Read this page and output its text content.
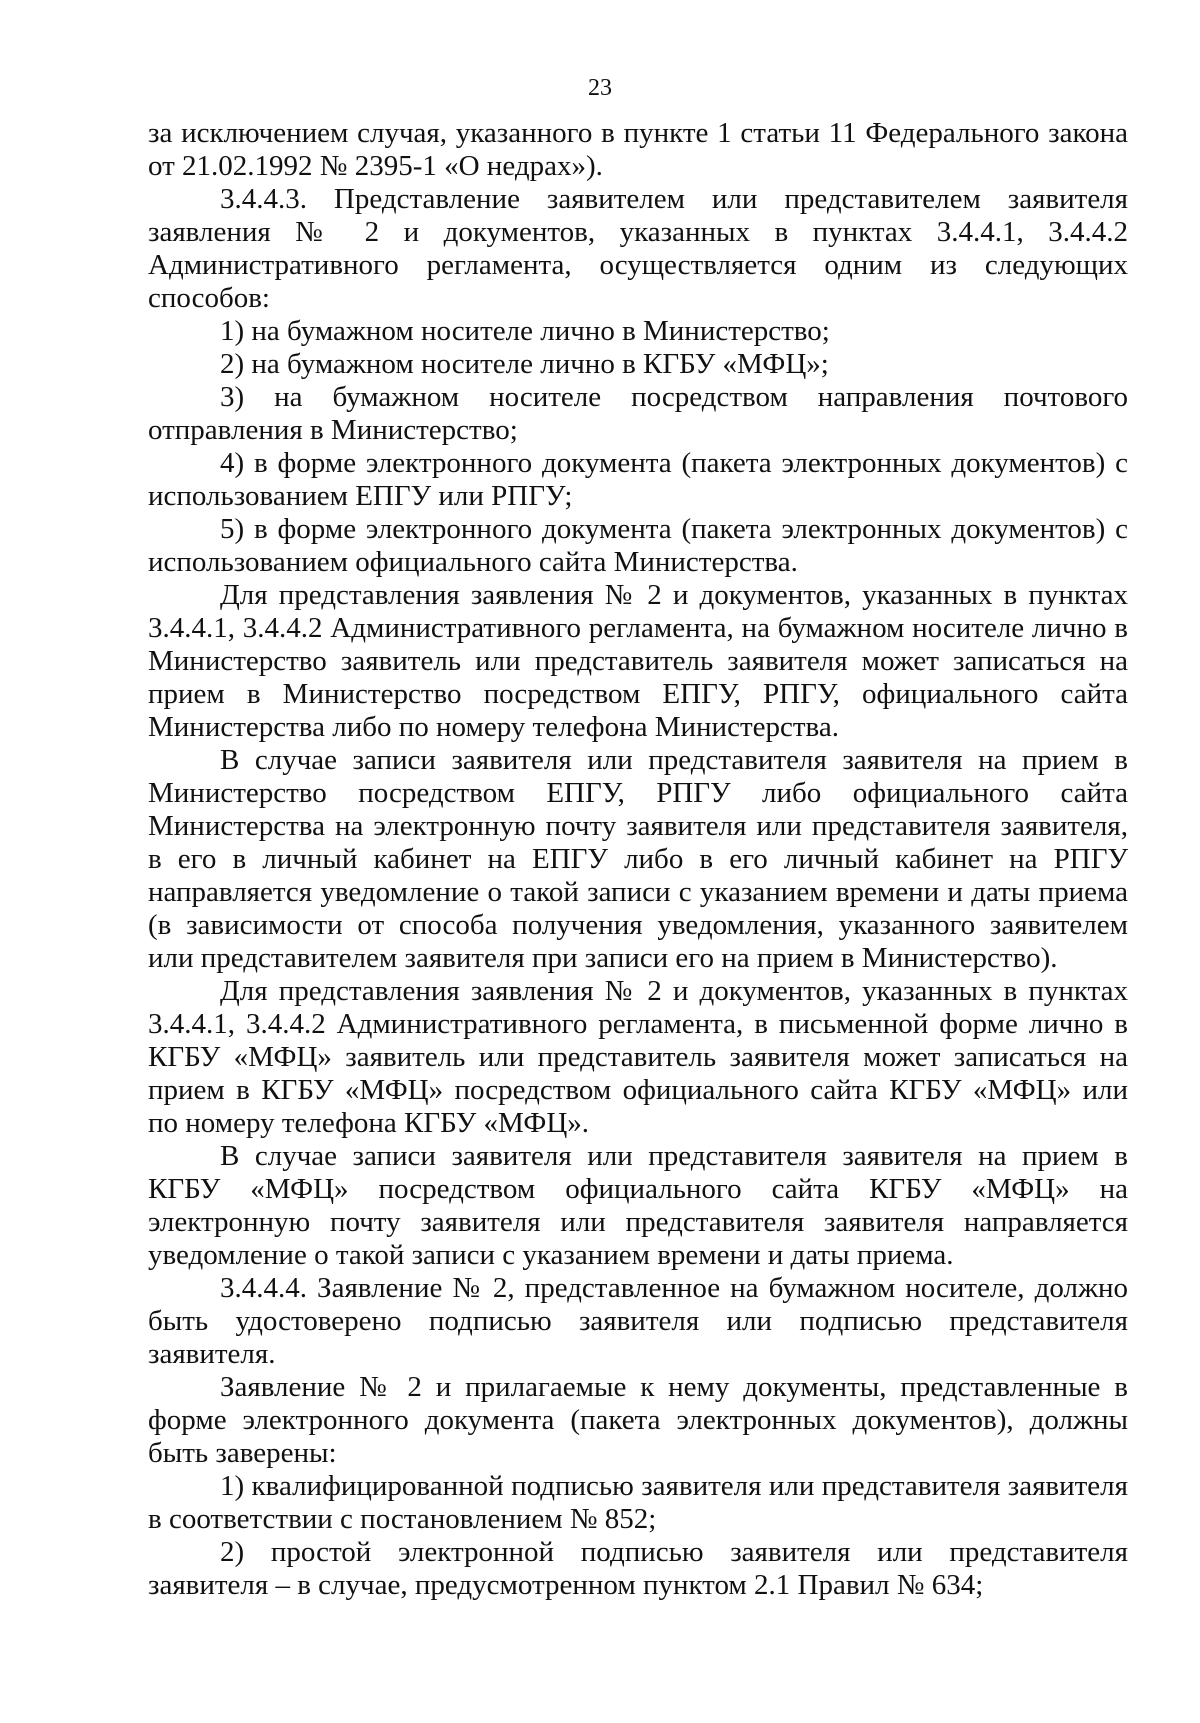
23

за исключением случая, указанного в пункте 1 статьи 11 Федерального закона от 21.02.1992 № 2395-1 «О недрах»).

3.4.4.3. Представление заявителем или представителем заявителя заявления № 2 и документов, указанных в пунктах 3.4.4.1, 3.4.4.2 Административного регламента, осуществляется одним из следующих способов:

1) на бумажном носителе лично в Министерство;

2) на бумажном носителе лично в КГБУ «МФЦ»;

3) на бумажном носителе посредством направления почтового отправления в Министерство;

4) в форме электронного документа (пакета электронных документов) с использованием ЕПГУ или РПГУ;

5) в форме электронного документа (пакета электронных документов) с использованием официального сайта Министерства.

Для представления заявления № 2 и документов, указанных в пунктах 3.4.4.1, 3.4.4.2 Административного регламента, на бумажном носителе лично в Министерство заявитель или представитель заявителя может записаться на прием в Министерство посредством ЕПГУ, РПГУ, официального сайта Министерства либо по номеру телефона Министерства.

В случае записи заявителя или представителя заявителя на прием в Министерство посредством ЕПГУ, РПГУ либо официального сайта Министерства на электронную почту заявителя или представителя заявителя, в его в личный кабинет на ЕПГУ либо в его личный кабинет на РПГУ направляется уведомление о такой записи с указанием времени и даты приема (в зависимости от способа получения уведомления, указанного заявителем или представителем заявителя при записи его на прием в Министерство).

Для представления заявления № 2 и документов, указанных в пунктах 3.4.4.1, 3.4.4.2 Административного регламента, в письменной форме лично в КГБУ «МФЦ» заявитель или представитель заявителя может записаться на прием в КГБУ «МФЦ» посредством официального сайта КГБУ «МФЦ» или по номеру телефона КГБУ «МФЦ».

В случае записи заявителя или представителя заявителя на прием в КГБУ «МФЦ» посредством официального сайта КГБУ «МФЦ» на электронную почту заявителя или представителя заявителя направляется уведомление о такой записи с указанием времени и даты приема.

3.4.4.4. Заявление № 2, представленное на бумажном носителе, должно быть удостоверено подписью заявителя или подписью представителя заявителя.

Заявление № 2 и прилагаемые к нему документы, представленные в форме электронного документа (пакета электронных документов), должны быть заверены:

1) квалифицированной подписью заявителя или представителя заявителя в соответствии с постановлением № 852;

2) простой электронной подписью заявителя или представителя заявителя – в случае, предусмотренном пунктом 2.1 Правил № 634;
